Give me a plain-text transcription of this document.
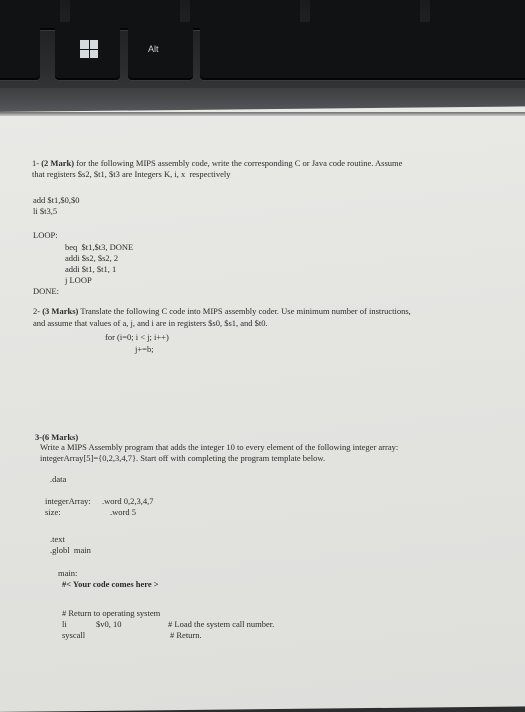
Alt
1- (2 Mark) for the following MIPS assembly code, write the corresponding C or Java code routine. Assume
that registers $s2, $t1, $t3 are Integers K, i, x  respectively
add $t1,$0,$0
li $t3,5
LOOP:
beq  $t1,$t3, DONE
addi $s2, $s2, 2
addi $t1, $t1, 1
j LOOP
DONE:
2- (3 Marks) Translate the following C code into MIPS assembly coder. Use minimum number of instructions,
and assume that values of a, j, and i are in registers $s0, $s1, and $t0.
for (i=0; i < j; i++)
j+=b;
3-(6 Marks)
Write a MIPS Assembly program that adds the integer 10 to every element of the following integer array:
integerArray[5]={0,2,3,4,7}. Start off with completing the program template below.
.data
integerArray: .word 0,2,3,4,7
size:	.word 5
.text
.globl  main
main:
#< Your code comes here >
# Return to operating system
li	$v0, 10	# Load the system call number.
syscall	# Return.
